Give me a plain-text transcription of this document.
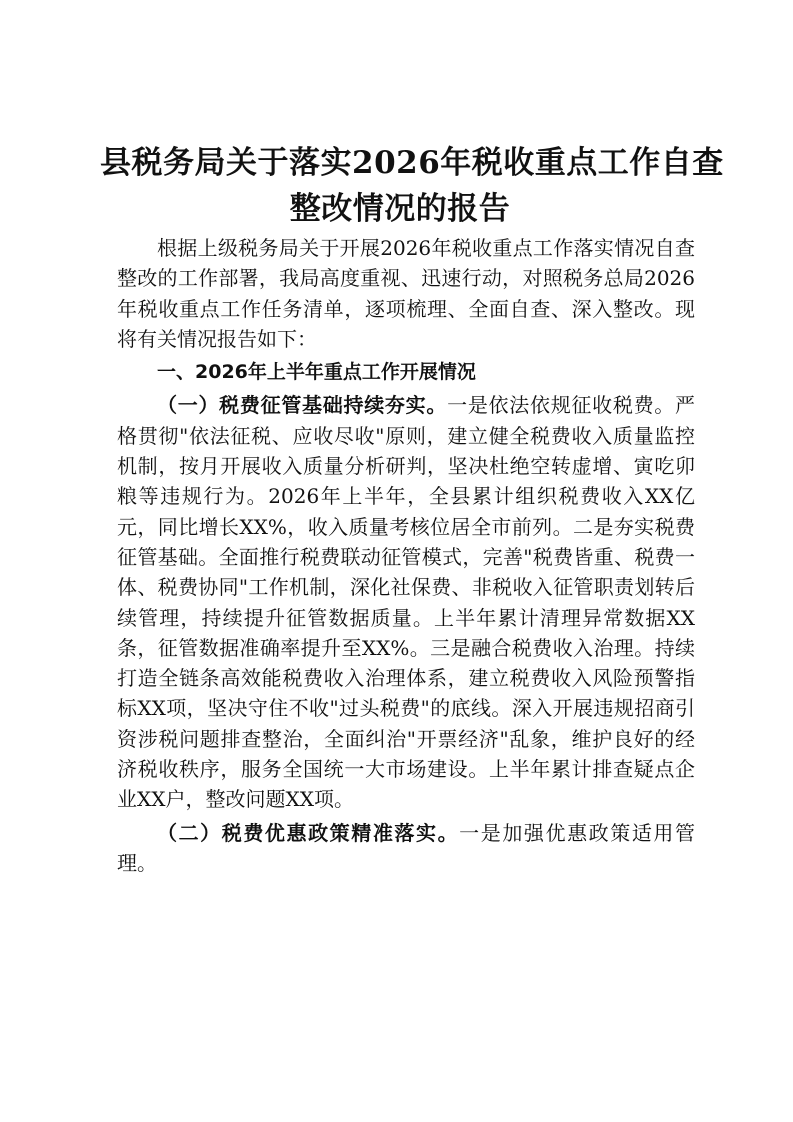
县税务局关于落实2026年税收重点工作自查
整改情况的报告

根据上级税务局关于开展2026年税收重点工作落实情况自查整改的工作部署，我局高度重视、迅速行动，对照税务总局2026年税收重点工作任务清单，逐项梳理、全面自查、深入整改。现将有关情况报告如下：

一、2026年上半年重点工作开展情况

（一）税费征管基础持续夯实。一是依法依规征收税费。严格贯彻"依法征税、应收尽收"原则，建立健全税费收入质量监控机制，按月开展收入质量分析研判，坚决杜绝空转虚增、寅吃卯粮等违规行为。2026年上半年，全县累计组织税费收入XX亿元，同比增长XX%，收入质量考核位居全市前列。二是夯实税费征管基础。全面推行税费联动征管模式，完善"税费皆重、税费一体、税费协同"工作机制，深化社保费、非税收入征管职责划转后续管理，持续提升征管数据质量。上半年累计清理异常数据XX条，征管数据准确率提升至XX%。三是融合税费收入治理。持续打造全链条高效能税费收入治理体系，建立税费收入风险预警指标XX项，坚决守住不收"过头税费"的底线。深入开展违规招商引资涉税问题排查整治，全面纠治"开票经济"乱象，维护良好的经济税收秩序，服务全国统一大市场建设。上半年累计排查疑点企业XX户，整改问题XX项。

（二）税费优惠政策精准落实。一是加强优惠政策适用管理。
